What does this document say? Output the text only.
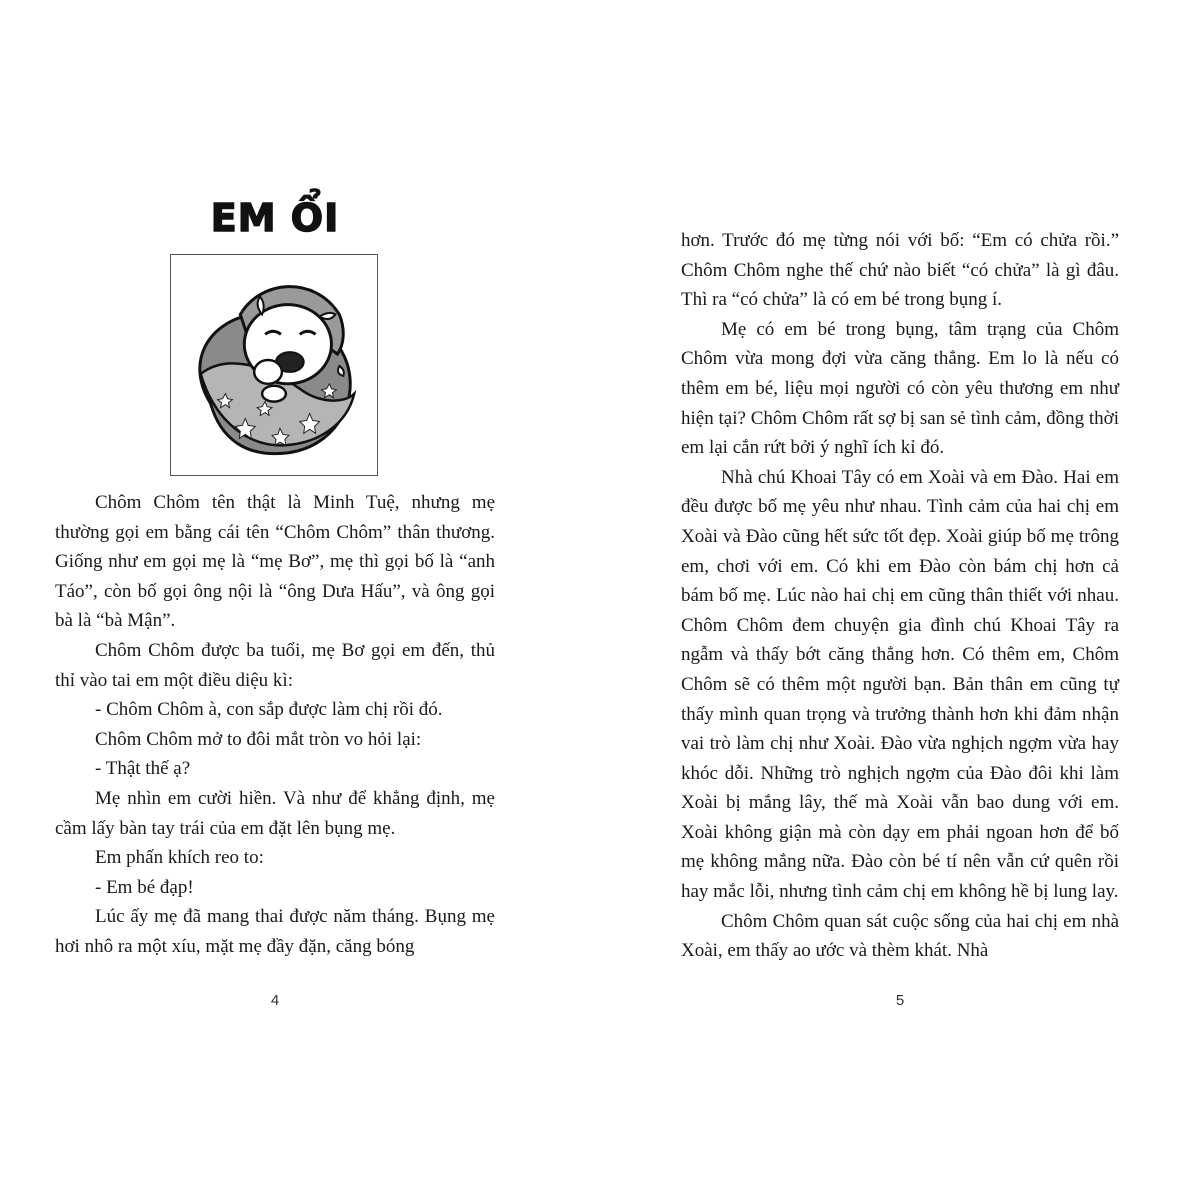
EM ỔI

Chôm Chôm tên thật là Minh Tuệ, nhưng mẹ thường gọi em bằng cái tên “Chôm Chôm” thân thương. Giống như em gọi mẹ là “mẹ Bơ”, mẹ thì gọi bố là “anh Táo”, còn bố gọi ông nội là “ông Dưa Hấu”, và ông gọi bà là “bà Mận”.

Chôm Chôm được ba tuổi, mẹ Bơ gọi em đến, thủ thỉ vào tai em một điều diệu kì:

- Chôm Chôm à, con sắp được làm chị rồi đó.

Chôm Chôm mở to đôi mắt tròn vo hỏi lại:

- Thật thế ạ?

Mẹ nhìn em cười hiền. Và như để khẳng định, mẹ cầm lấy bàn tay trái của em đặt lên bụng mẹ.

Em phấn khích reo to:

- Em bé đạp!

Lúc ấy mẹ đã mang thai được năm tháng. Bụng mẹ hơi nhô ra một xíu, mặt mẹ đầy đặn, căng bóng

4

hơn. Trước đó mẹ từng nói với bố: “Em có chửa rồi.” Chôm Chôm nghe thế chứ nào biết “có chửa” là gì đâu. Thì ra “có chửa” là có em bé trong bụng í.

Mẹ có em bé trong bụng, tâm trạng của Chôm Chôm vừa mong đợi vừa căng thẳng. Em lo là nếu có thêm em bé, liệu mọi người có còn yêu thương em như hiện tại? Chôm Chôm rất sợ bị san sẻ tình cảm, đồng thời em lại cắn rứt bởi ý nghĩ ích kỉ đó.

Nhà chú Khoai Tây có em Xoài và em Đào. Hai em đều được bố mẹ yêu như nhau. Tình cảm của hai chị em Xoài và Đào cũng hết sức tốt đẹp. Xoài giúp bố mẹ trông em, chơi với em. Có khi em Đào còn bám chị hơn cả bám bố mẹ. Lúc nào hai chị em cũng thân thiết với nhau. Chôm Chôm đem chuyện gia đình chú Khoai Tây ra ngẫm và thấy bớt căng thẳng hơn. Có thêm em, Chôm Chôm sẽ có thêm một người bạn. Bản thân em cũng tự thấy mình quan trọng và trưởng thành hơn khi đảm nhận vai trò làm chị như Xoài. Đào vừa nghịch ngợm vừa hay khóc dỗi. Những trò nghịch ngợm của Đào đôi khi làm Xoài bị mắng lây, thế mà Xoài vẫn bao dung với em. Xoài không giận mà còn dạy em phải ngoan hơn để bố mẹ không mắng nữa. Đào còn bé tí nên vẫn cứ quên rồi hay mắc lỗi, nhưng tình cảm chị em không hề bị lung lay.

Chôm Chôm quan sát cuộc sống của hai chị em nhà Xoài, em thấy ao ước và thèm khát. Nhà

5
